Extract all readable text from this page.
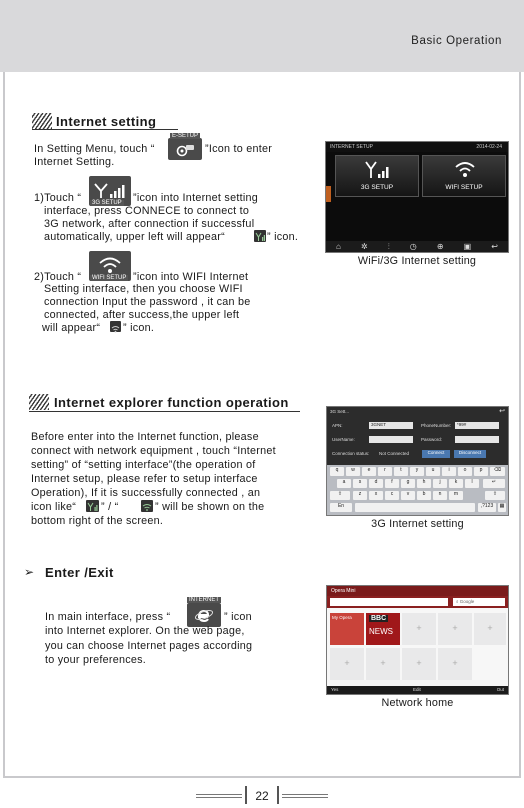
Basic Operation
Internet setting
In Setting Menu, touch “
E-SETUP
”Icon to enter
Internet Setting.
1)Touch “	3G SETUP ”icon into Internet setting
interface, press CONNECE to connect to
3G network, after connection if successful
automatically, upper left will appear“	” icon.
2)Touch “	WIFI SETUP ”icon into WIFI Internet
Setting interface, then you choose WIFI
connection Input the password , it can be
connected, after success,the upper left
will appear“ ” icon.
INTERNET SETUP	2014-02-24
3G SETUP	WIFI SETUP
⌂	✲	⫶	◷	⊕	▣	↩
WiFi/3G Internet setting
Internet explorer function operation
Before enter into the Internet function, please
connect with network equipment , touch “Internet
setting” of “setting interface”(the operation of
Internet setup, please refer to setup interface
Operation), If it is successfully connected , an
icon like“ ” / “	” will be shown on the
bottom right of the screen.
3G Sett...	↩
APN:	3GNET	PhoneNumber:	*99#
UserName:	Password:
Connection status: Not Connected	Connect	Disconnect
q	w	e	r	t	y	u	i	o	p	⌫
a	s	d	f	g	h	j	k	l	↵
⇧	z	x	c	v	b	n	m	⇧
En	,?123	▦
3G Internet setting
➢ Enter /Exit
In main interface, press “
INTERNET
” icon
into Internet explorer. On the web page,
you can choose Internet pages according
to your preferences.
Opera Mini
⌕ Google
My Opera	BBC
NEWS	+	+	+
+	+	+	+
Yes	Edit	Out
Network home
22
